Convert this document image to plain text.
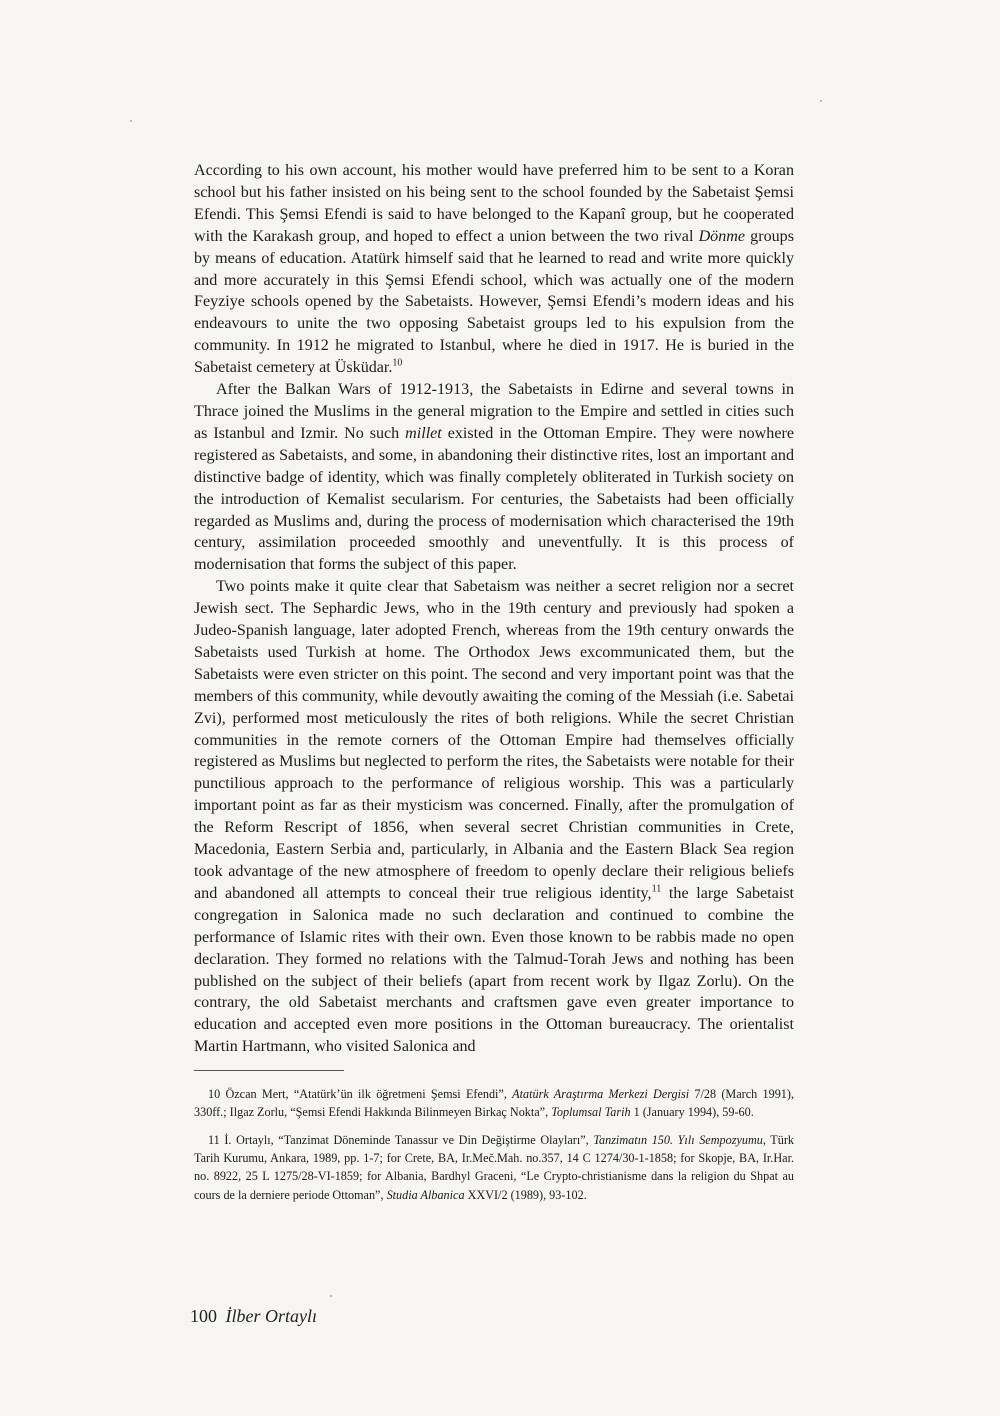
According to his own account, his mother would have preferred him to be sent to a Koran school but his father insisted on his being sent to the school founded by the Sabetaist Şemsi Efendi. This Şemsi Efendi is said to have belonged to the Kapanî group, but he cooperated with the Karakash group, and hoped to effect a union between the two rival Dönme groups by means of education. Atatürk himself said that he learned to read and write more quickly and more accurately in this Şemsi Efendi school, which was actually one of the modern Feyziye schools opened by the Sabetaists. However, Şemsi Efendi’s modern ideas and his endeavours to unite the two opposing Sabetaist groups led to his expulsion from the community. In 1912 he migrated to Istanbul, where he died in 1917. He is buried in the Sabetaist cemetery at Üsküdar.$^{10}$

After the Balkan Wars of 1912-1913, the Sabetaists in Edirne and several towns in Thrace joined the Muslims in the general migration to the Empire and settled in cities such as Istanbul and Izmir. No such millet existed in the Ottoman Empire. They were nowhere registered as Sabetaists, and some, in abandoning their distinctive rites, lost an important and distinctive badge of identity, which was finally completely obliterated in Turkish society on the introduction of Kemalist secularism. For centuries, the Sabetaists had been officially regarded as Muslims and, during the process of modernisation which characterised the 19th century, assimilation proceeded smoothly and uneventfully. It is this process of modernisation that forms the subject of this paper.

Two points make it quite clear that Sabetaism was neither a secret religion nor a secret Jewish sect. The Sephardic Jews, who in the 19th century and previously had spoken a Judeo-Spanish language, later adopted French, whereas from the 19th century onwards the Sabetaists used Turkish at home. The Orthodox Jews excommunicated them, but the Sabetaists were even stricter on this point. The second and very important point was that the members of this community, while devoutly awaiting the coming of the Messiah (i.e. Sabetai Zvi), performed most meticulously the rites of both religions. While the secret Christian communities in the remote corners of the Ottoman Empire had themselves officially registered as Muslims but neglected to perform the rites, the Sabetaists were notable for their punctilious approach to the performance of religious worship. This was a particularly important point as far as their mysticism was concerned. Finally, after the promulgation of the Reform Rescript of 1856, when several secret Christian communities in Crete, Macedonia, Eastern Serbia and, particularly, in Albania and the Eastern Black Sea region took advantage of the new atmosphere of freedom to openly declare their religious beliefs and abandoned all attempts to conceal their true religious identity,$^{11}$ the large Sabetaist congregation in Salonica made no such declaration and continued to combine the performance of Islamic rites with their own. Even those known to be rabbis made no open declaration. They formed no relations with the Talmud-Torah Jews and nothing has been published on the subject of their beliefs (apart from recent work by Ilgaz Zorlu). On the contrary, the old Sabetaist merchants and craftsmen gave even greater importance to education and accepted even more positions in the Ottoman bureaucracy. The orientalist Martin Hartmann, who visited Salonica and

10 Özcan Mert, “Atatürk’ün ilk öğretmeni Şemsi Efendi”, Atatürk Araştırma Merkezi Dergisi 7/28 (March 1991), 330ff.; Ilgaz Zorlu, “Şemsi Efendi Hakkında Bilinmeyen Birkaç Nokta”, Toplumsal Tarih 1 (January 1994), 59-60.

11 İ. Ortaylı, “Tanzimat Döneminde Tanassur ve Din Değiştirme Olayları”, Tanzimatın 150. Yılı Sempozyumu, Türk Tarih Kurumu, Ankara, 1989, pp. 1-7; for Crete, BA, Ir.Meč.Mah. no.357, 14 C 1274/30-1-1858; for Skopje, BA, Ir.Har. no. 8922, 25 L 1275/28-VI-1859; for Albania, Bardhyl Graceni, “Le Crypto-christianisme dans la religion du Shpat au cours de la derniere periode Ottoman”, Studia Albanica XXVI/2 (1989), 93-102.

100 İlber Ortaylı
